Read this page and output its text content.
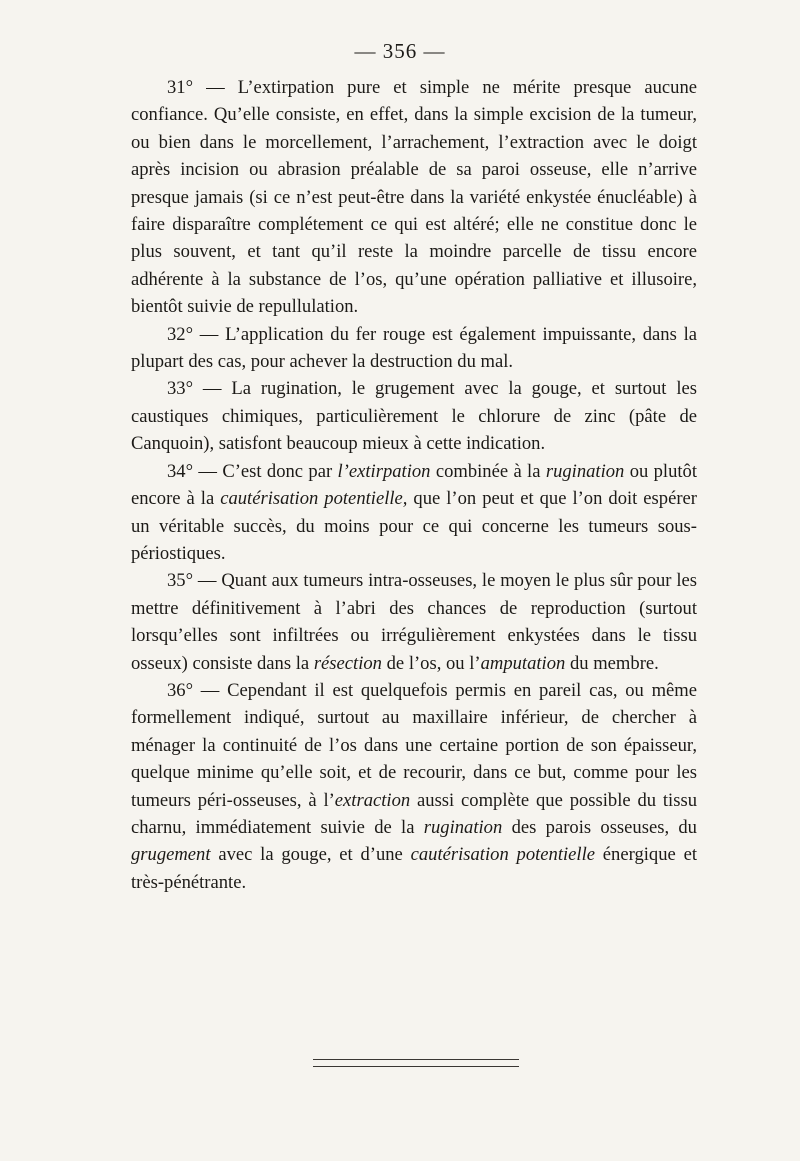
— 356 —

31° — L’extirpation pure et simple ne mérite presque aucune confiance. Qu’elle consiste, en effet, dans la simple excision de la tumeur, ou bien dans le morcellement, l’arrachement, l’extraction avec le doigt après incision ou abrasion préalable de sa paroi osseuse, elle n’arrive presque jamais (si ce n’est peut-être dans la variété enkystée énucléable) à faire disparaître complétement ce qui est altéré; elle ne constitue donc le plus souvent, et tant qu’il reste la moindre parcelle de tissu encore adhérente à la substance de l’os, qu’une opération palliative et illusoire, bientôt suivie de repullulation.

32° — L’application du fer rouge est également impuissante, dans la plupart des cas, pour achever la destruction du mal.

33° — La rugination, le grugement avec la gouge, et surtout les caustiques chimiques, particulièrement le chlorure de zinc (pâte de Canquoin), satisfont beaucoup mieux à cette indication.

34° — C’est donc par l’extirpation combinée à la rugination ou plutôt encore à la cautérisation potentielle, que l’on peut et que l’on doit espérer un véritable succès, du moins pour ce qui concerne les tumeurs sous-périostiques.

35° — Quant aux tumeurs intra-osseuses, le moyen le plus sûr pour les mettre définitivement à l’abri des chances de reproduction (surtout lorsqu’elles sont infiltrées ou irrégulièrement enkystées dans le tissu osseux) consiste dans la résection de l’os, ou l’amputation du membre.

36° — Cependant il est quelquefois permis en pareil cas, ou même formellement indiqué, surtout au maxillaire inférieur, de chercher à ménager la continuité de l’os dans une certaine portion de son épaisseur, quelque minime qu’elle soit, et de recourir, dans ce but, comme pour les tumeurs péri-osseuses, à l’extraction aussi complète que possible du tissu charnu, immédiatement suivie de la rugination des parois osseuses, du grugement avec la gouge, et d’une cautérisation potentielle énergique et très-pénétrante.
